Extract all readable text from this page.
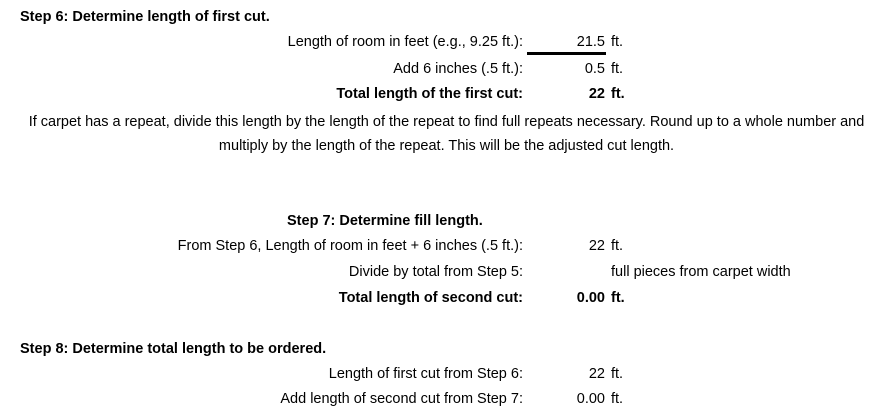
Step 6: Determine length of first cut.
Length of room in feet (e.g., 9.25 ft.):	21.5 ft.
Add 6 inches (.5 ft.):	0.5 ft.
Total length of the first cut:	22 ft.
If carpet has a repeat, divide this length by the length of the repeat to find full repeats necessary. Round up to a whole number and multiply by the length of the repeat. This will be the adjusted cut length.
Step 7: Determine fill length.
From Step 6, Length of room in feet + 6 inches (.5 ft.):	22 ft.
Divide by total from Step 5:	full pieces from carpet width
Total length of second cut:	0.00 ft.
Step 8: Determine total length to be ordered.
Length of first cut from Step 6:	22 ft.
Add length of second cut from Step 7:	0.00 ft.
